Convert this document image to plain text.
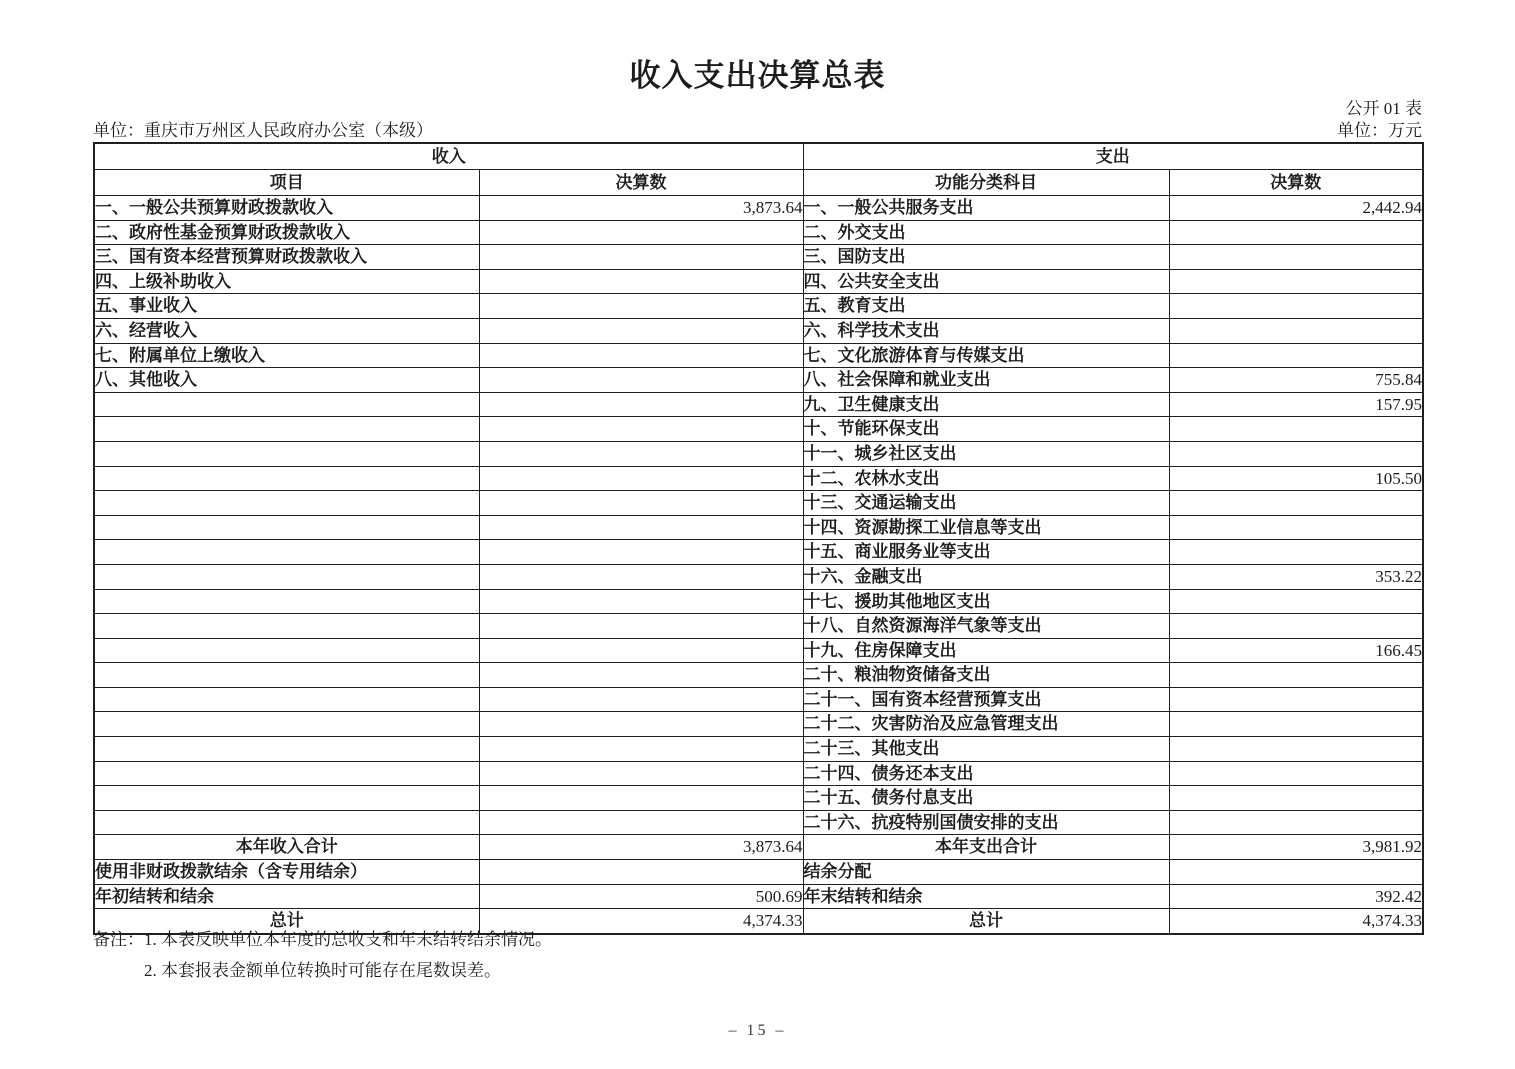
收入支出决算总表
公开 01 表
单位：重庆市万州区人民政府办公室（本级）	单位：万元
收入		支出	
项目	决算数	功能分类科目	决算数
一、一般公共预算财政拨款收入	3,873.64	一、一般公共服务支出	2,442.94
二、政府性基金预算财政拨款收入		二、外交支出	
三、国有资本经营预算财政拨款收入		三、国防支出	
四、上级补助收入		四、公共安全支出	
五、事业收入		五、教育支出	
六、经营收入		六、科学技术支出	
七、附属单位上缴收入		七、文化旅游体育与传媒支出	
八、其他收入		八、社会保障和就业支出	755.84
		九、卫生健康支出	157.95
		十、节能环保支出	
		十一、城乡社区支出	
		十二、农林水支出	105.50
		十三、交通运输支出	
		十四、资源勘探工业信息等支出	
		十五、商业服务业等支出	
		十六、金融支出	353.22
		十七、援助其他地区支出	
		十八、自然资源海洋气象等支出	
		十九、住房保障支出	166.45
		二十、粮油物资储备支出	
		二十一、国有资本经营预算支出	
		二十二、灾害防治及应急管理支出	
		二十三、其他支出	
		二十四、债务还本支出	
		二十五、债务付息支出	
		二十六、抗疫特别国债安排的支出	
本年收入合计	3,873.64	本年支出合计	3,981.92
使用非财政拨款结余（含专用结余）		结余分配	
年初结转和结余	500.69	年末结转和结余	392.42
总计	4,374.33	总计	4,374.33
备注：1. 本表反映单位本年度的总收支和年末结转结余情况。
2. 本套报表金额单位转换时可能存在尾数误差。
– 15 –
